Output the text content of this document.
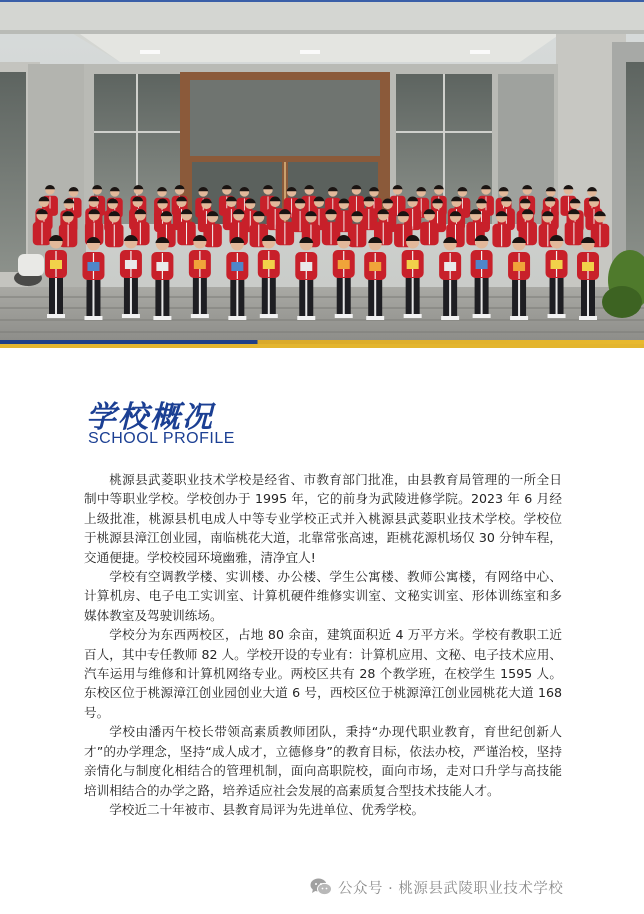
学校概况

SCHOOL PROFILE

桃源县武菱职业技术学校是经省、市教育部门批准，由县教育局管理的一所全日制中等职业学校。学校创办于 1995 年，它的前身为武陵进修学院。2023 年 6 月经上级批准，桃源县机电成人中等专业学校正式并入桃源县武菱职业技术学校。学校位于桃源县漳江创业园，南临桃花大道，北靠常张高速，距桃花源机场仅 30 分钟车程，交通便捷。学校校园环境幽雅，清净宜人!

学校有空调教学楼、实训楼、办公楼、学生公寓楼、教师公寓楼，有网络中心、计算机房、电子电工实训室、计算机硬件维修实训室、文秘实训室、形体训练室和多媒体教室及驾驶训练场。

学校分为东西两校区，占地 80 余亩，建筑面积近 4 万平方米。学校有教职工近百人，其中专任教师 82 人。学校开设的专业有：计算机应用、文秘、电子技术应用、汽车运用与维修和计算机网络专业。两校区共有 28 个教学班，在校学生 1595 人。东校区位于桃源漳江创业园创业大道 6 号，西校区位于桃源漳江创业园桃花大道 168 号。

学校由潘丙午校长带领高素质教师团队，秉持“办现代职业教育，育世纪创新人才”的办学理念，坚持“成人成才，立德修身”的教育目标，依法办校，严谨治校，坚持亲情化与制度化相结合的管理机制，面向高职院校，面向市场，走对口升学与高技能培训相结合的办学之路，培养适应社会发展的高素质复合型技术技能人才。

学校近二十年被市、县教育局评为先进单位、优秀学校。

公众号 · 桃源县武陵职业技术学校
